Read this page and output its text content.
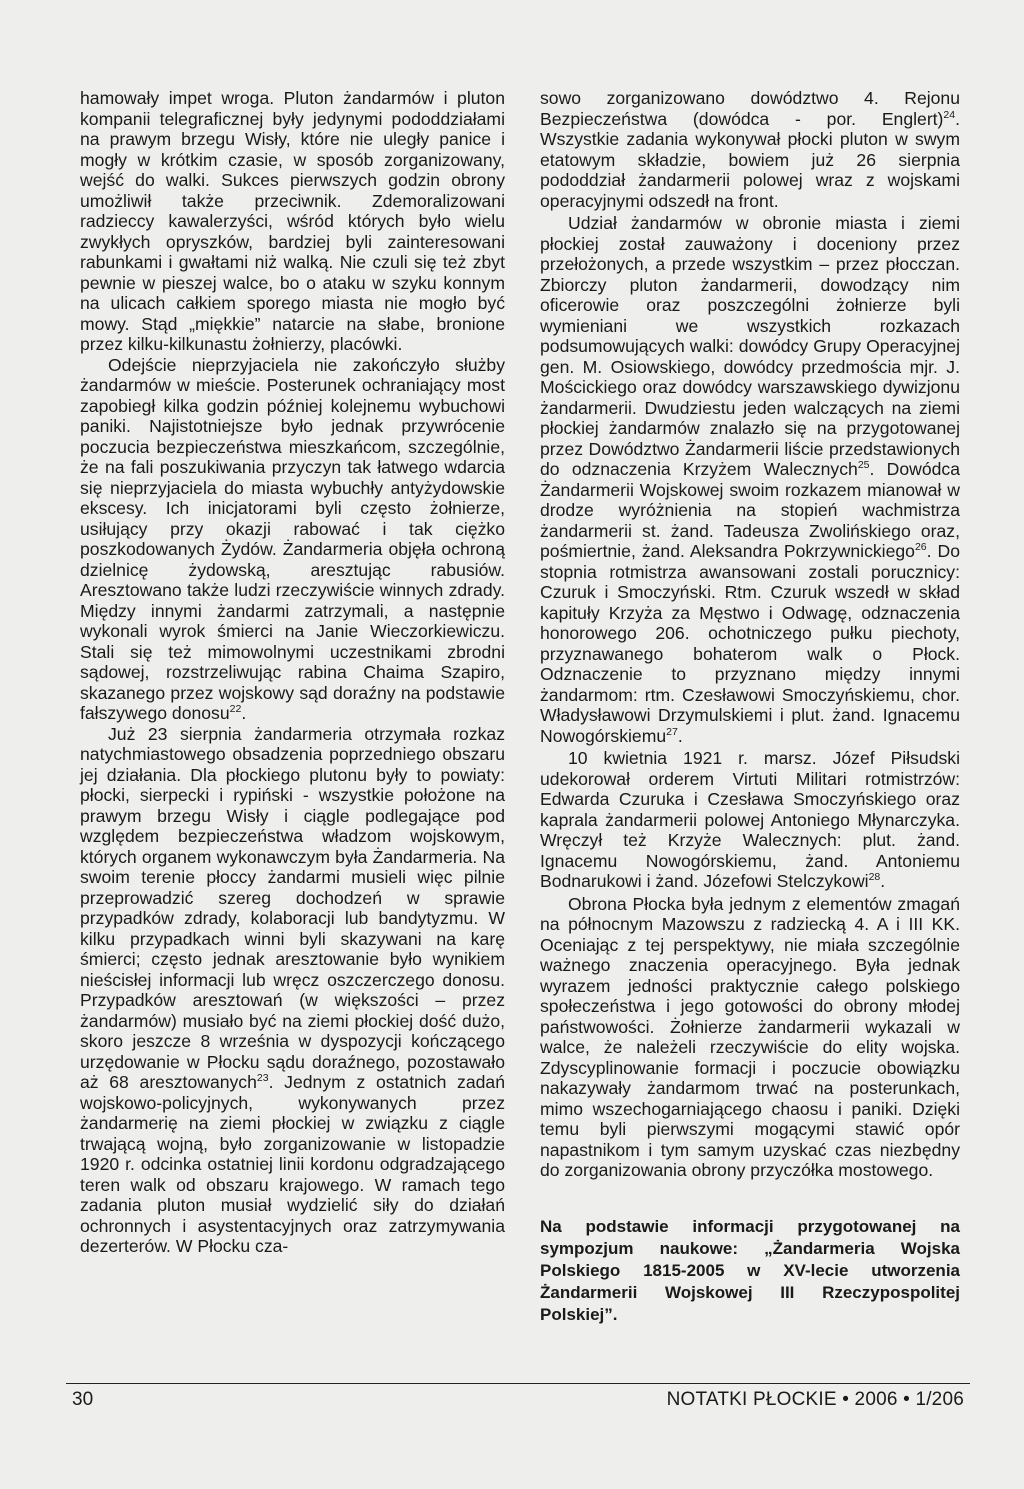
hamowały impet wroga. Pluton żandarmów i pluton kompanii telegraficznej były jedynymi pododdziałami na prawym brzegu Wisły, które nie uległy panice i mogły w krótkim czasie, w sposób zorganizowany, wejść do walki. Sukces pierwszych godzin obrony umożliwił także przeciwnik. Zdemoralizowani radzieccy kawalerzyści, wśród których było wielu zwykłych opryszków, bardziej byli zainteresowani rabunkami i gwałtami niż walką. Nie czuli się też zbyt pewnie w pieszej walce, bo o ataku w szyku konnym na ulicach całkiem sporego miasta nie mogło być mowy. Stąd „miękkie” natarcie na słabe, bronione przez kilku-kilkunastu żołnierzy, placówki.

Odejście nieprzyjaciela nie zakończyło służby żandarmów w mieście. Posterunek ochraniający most zapobiegł kilka godzin później kolejnemu wybuchowi paniki. Najistotniejsze było jednak przywrócenie poczucia bezpieczeństwa mieszkańcom, szczególnie, że na fali poszukiwania przyczyn tak łatwego wdarcia się nieprzyjaciela do miasta wybuchły antyżydowskie ekscesy. Ich inicjatorami byli często żołnierze, usiłujący przy okazji rabować i tak ciężko poszkodowanych Żydów. Żandarmeria objęła ochroną dzielnicę żydowską, aresztując rabusiów. Aresztowano także ludzi rzeczywiście winnych zdrady. Między innymi żandarmi zatrzymali, a następnie wykonali wyrok śmierci na Janie Wieczorkiewiczu. Stali się też mimowolnymi uczestnikami zbrodni sądowej, rozstrzeliwując rabina Chaima Szapiro, skazanego przez wojskowy sąd doraźny na podstawie fałszywego donosu$^{22}$.

Już 23 sierpnia żandarmeria otrzymała rozkaz natychmiastowego obsadzenia poprzedniego obszaru jej działania. Dla płockiego plutonu były to powiaty: płocki, sierpecki i rypiński - wszystkie położone na prawym brzegu Wisły i ciągle podlegające pod względem bezpieczeństwa władzom wojskowym, których organem wykonawczym była Żandarmeria. Na swoim terenie płoccy żandarmi musieli więc pilnie przeprowadzić szereg dochodzeń w sprawie przypadków zdrady, kolaboracji lub bandytyzmu. W kilku przypadkach winni byli skazywani na karę śmierci; często jednak aresztowanie było wynikiem nieścisłej informacji lub wręcz oszczerczego donosu. Przypadków aresztowań (w większości – przez żandarmów) musiało być na ziemi płockiej dość dużo, skoro jeszcze 8 września w dyspozycji kończącego urzędowanie w Płocku sądu doraźnego, pozostawało aż 68 aresztowanych$^{23}$. Jednym z ostatnich zadań wojskowo-policyjnych, wykonywanych przez żandarmerię na ziemi płockiej w związku z ciągle trwającą wojną, było zorganizowanie w listopadzie 1920 r. odcinka ostatniej linii kordonu odgradzającego teren walk od obszaru krajowego. W ramach tego zadania pluton musiał wydzielić siły do działań ochronnych i asystentacyjnych oraz zatrzymywania dezerterów. W Płocku cza-

sowo zorganizowano dowództwo 4. Rejonu Bezpieczeństwa (dowódca - por. Englert)$^{24}$. Wszystkie zadania wykonywał płocki pluton w swym etatowym składzie, bowiem już 26 sierpnia pododdział żandarmerii polowej wraz z wojskami operacyjnymi odszedł na front.

Udział żandarmów w obronie miasta i ziemi płockiej został zauważony i doceniony przez przełożonych, a przede wszystkim – przez płocczan. Zbiorczy pluton żandarmerii, dowodzący nim oficerowie oraz poszczególni żołnierze byli wymieniani we wszystkich rozkazach podsumowujących walki: dowódcy Grupy Operacyjnej gen. M. Osiowskiego, dowódcy przedmościa mjr. J. Mościckiego oraz dowódcy warszawskiego dywizjonu żandarmerii. Dwudziestu jeden walczących na ziemi płockiej żandarmów znalazło się na przygotowanej przez Dowództwo Żandarmerii liście przedstawionych do odznaczenia Krzyżem Walecznych$^{25}$. Dowódca Żandarmerii Wojskowej swoim rozkazem mianował w drodze wyróżnienia na stopień wachmistrza żandarmerii st. żand. Tadeusza Zwolińskiego oraz, pośmiertnie, żand. Aleksandra Pokrzywnickiego$^{26}$. Do stopnia rotmistrza awansowani zostali porucznicy: Czuruk i Smoczyński. Rtm. Czuruk wszedł w skład kapituły Krzyża za Męstwo i Odwagę, odznaczenia honorowego 206. ochotniczego pułku piechoty, przyznawanego bohaterom walk o Płock. Odznaczenie to przyznano między innymi żandarmom: rtm. Czesławowi Smoczyńskiemu, chor. Władysławowi Drzymulskiemi i plut. żand. Ignacemu Nowogórskiemu$^{27}$.

10 kwietnia 1921 r. marsz. Józef Piłsudski udekorował orderem Virtuti Militari rotmistrzów: Edwarda Czuruka i Czesława Smoczyńskiego oraz kaprala żandarmerii polowej Antoniego Młynarczyka. Wręczył też Krzyże Walecznych: plut. żand. Ignacemu Nowogórskiemu, żand. Antoniemu Bodnarukowi i żand. Józefowi Stelczykowi$^{28}$.

Obrona Płocka była jednym z elementów zmagań na północnym Mazowszu z radziecką 4. A i III KK. Oceniając z tej perspektywy, nie miała szczególnie ważnego znaczenia operacyjnego. Była jednak wyrazem jedności praktycznie całego polskiego społeczeństwa i jego gotowości do obrony młodej państwowości. Żołnierze żandarmerii wykazali w walce, że należeli rzeczywiście do elity wojska. Zdyscyplinowanie formacji i poczucie obowiązku nakazywały żandarmom trwać na posterunkach, mimo wszechogarniającego chaosu i paniki. Dzięki temu byli pierwszymi mogącymi stawić opór napastnikom i tym samym uzyskać czas niezbędny do zorganizowania obrony przyczółka mostowego.

Na podstawie informacji przygotowanej na sympozjum naukowe: „Żandarmeria Wojska Polskiego 1815-2005 w XV-lecie utworzenia Żandarmerii Wojskowej III Rzeczypospolitej Polskiej”.

30	NOTATKI PŁOCKIE • 2006 • 1/206
